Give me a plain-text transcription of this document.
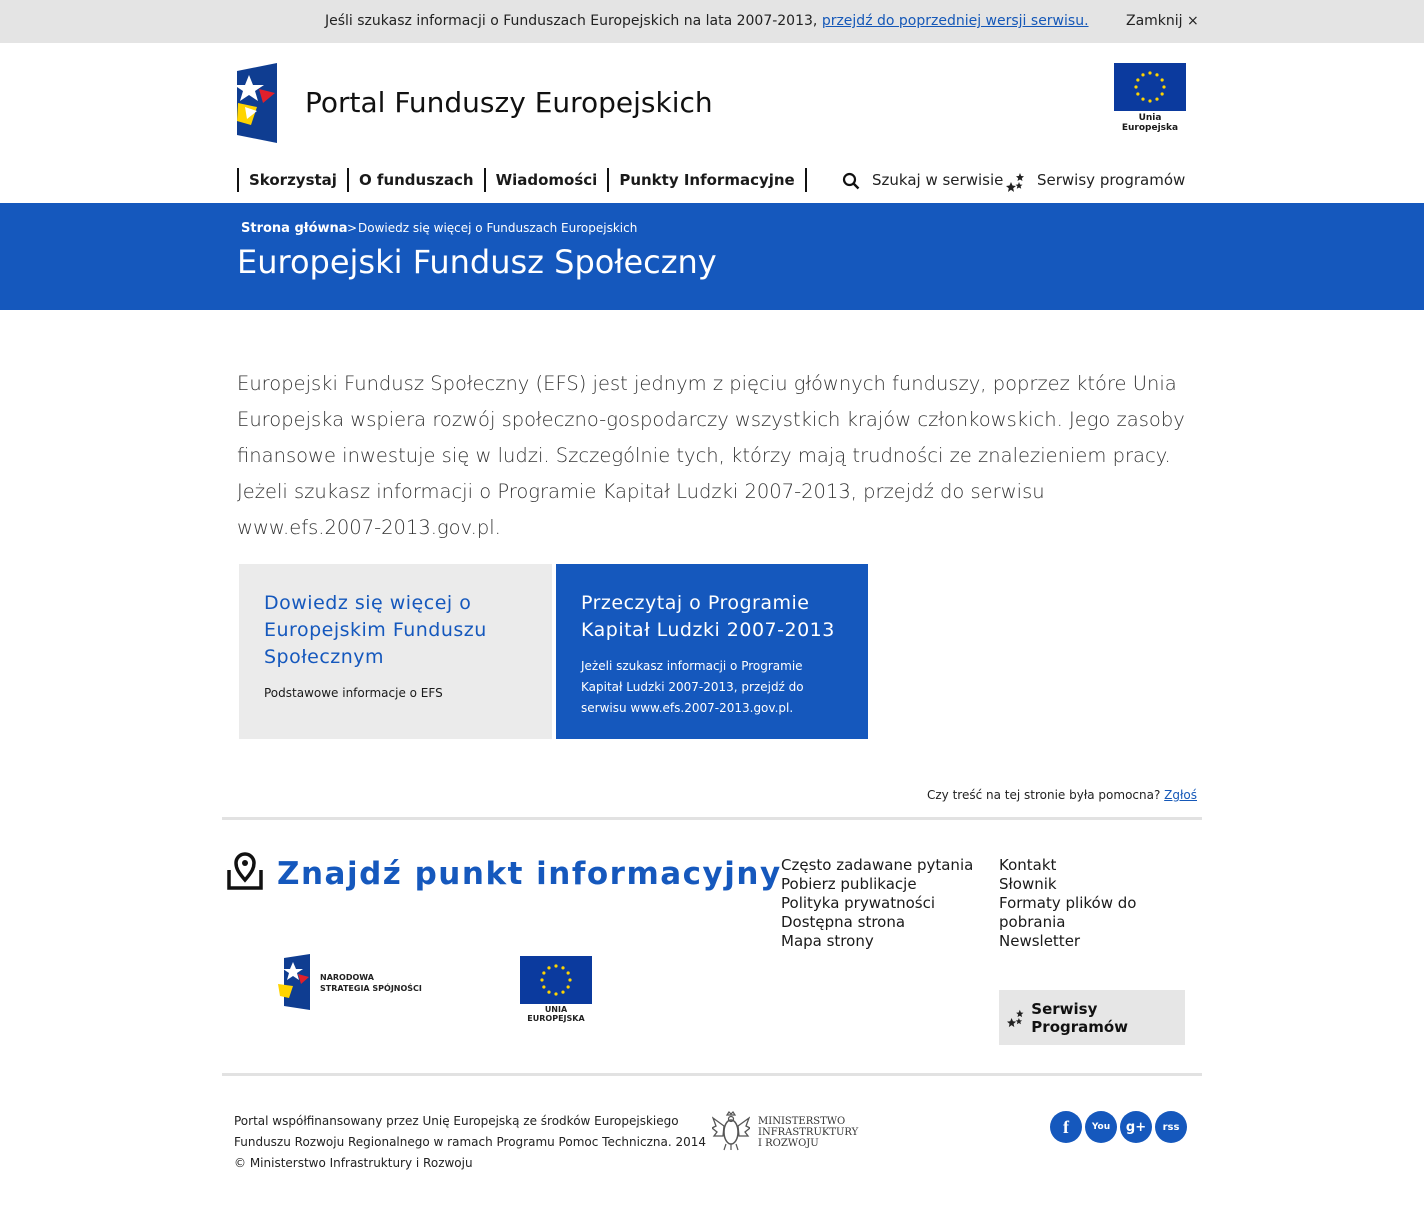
Jeśli szukasz informacji o Funduszach Europejskich na lata 2007-2013, przejdź do poprzedniej wersji serwisu.	Zamknij ×
Portal Funduszy Europejskich	Unia Europejska
Skorzystaj	O funduszach	Wiadomości	Punkty Informacyjne	Szukaj w serwisie Serwisy programów
Strona główna > Dowiedz się więcej o Funduszach Europejskich
Europejski Fundusz Społeczny

Europejski Fundusz Społeczny (EFS) jest jednym z pięciu głównych funduszy, poprzez które Unia Europejska wspiera rozwój społeczno-gospodarczy wszystkich krajów członkowskich. Jego zasoby finansowe inwestuje się w ludzi. Szczególnie tych, którzy mają trudności ze znalezieniem pracy. Jeżeli szukasz informacji o Programie Kapitał Ludzki 2007-2013, przejdź do serwisu www.efs.2007-2013.gov.pl.

Dowiedz się więcej o Europejskim Funduszu Społecznym
Podstawowe informacje o EFS
Przeczytaj o Programie Kapitał Ludzki 2007-2013
Jeżeli szukasz informacji o Programie Kapitał Ludzki 2007-2013, przejdź do serwisu www.efs.2007-2013.gov.pl.
Czy treść na tej stronie była pomocna? Zgłoś
Znajdź punkt informacyjny Często zadawane pytania
Pobierz publikacje
Polityka prywatności
Dostępna strona
Mapa strony
Kontakt
Słownik
Formaty plików do pobrania
Newsletter
NARODOWA
STRATEGIA SPÓJNOŚCI
UNIA EUROPEJSKA
Serwisy Programów
Portal współfinansowany przez Unię Europejską ze środków Europejskiego
Funduszu Rozwoju Regionalnego w ramach Programu Pomoc Techniczna. 2014
© Ministerstwo Infrastruktury i Rozwoju
MINISTERSTWO
INFRASTRUKTURY
I ROZWOJU
f	You g+ rss
